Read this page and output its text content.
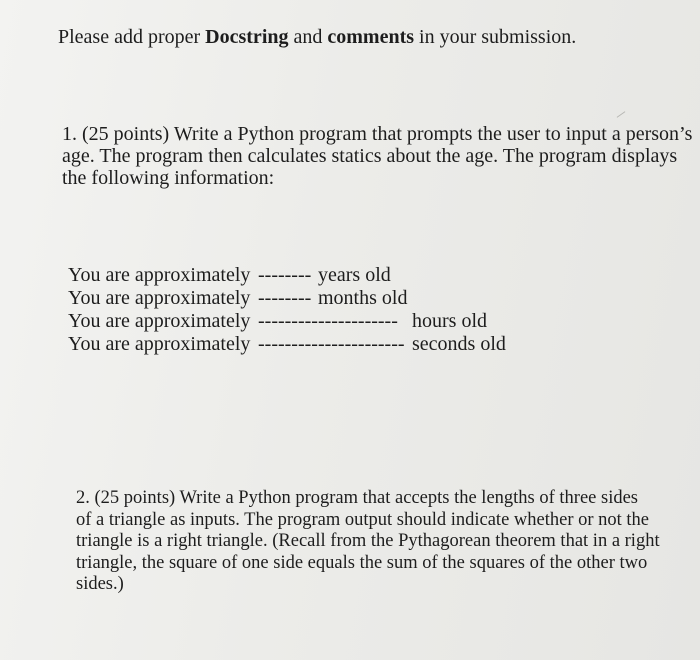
Please add proper Docstring and comments in your submission.
1. (25 points) Write a Python program that prompts the user to input a person’s
age. The program then calculates statics about the age. The program displays
the following information:
You are approximately -------- years old
You are approximately -------- months old
You are approximately --------------------- hours old
You are approximately ---------------------- seconds old
2. (25 points) Write a Python program that accepts the lengths of three sides
of a triangle as inputs. The program output should indicate whether or not the
triangle is a right triangle. (Recall from the Pythagorean theorem that in a right
triangle, the square of one side equals the sum of the squares of the other two
sides.)
